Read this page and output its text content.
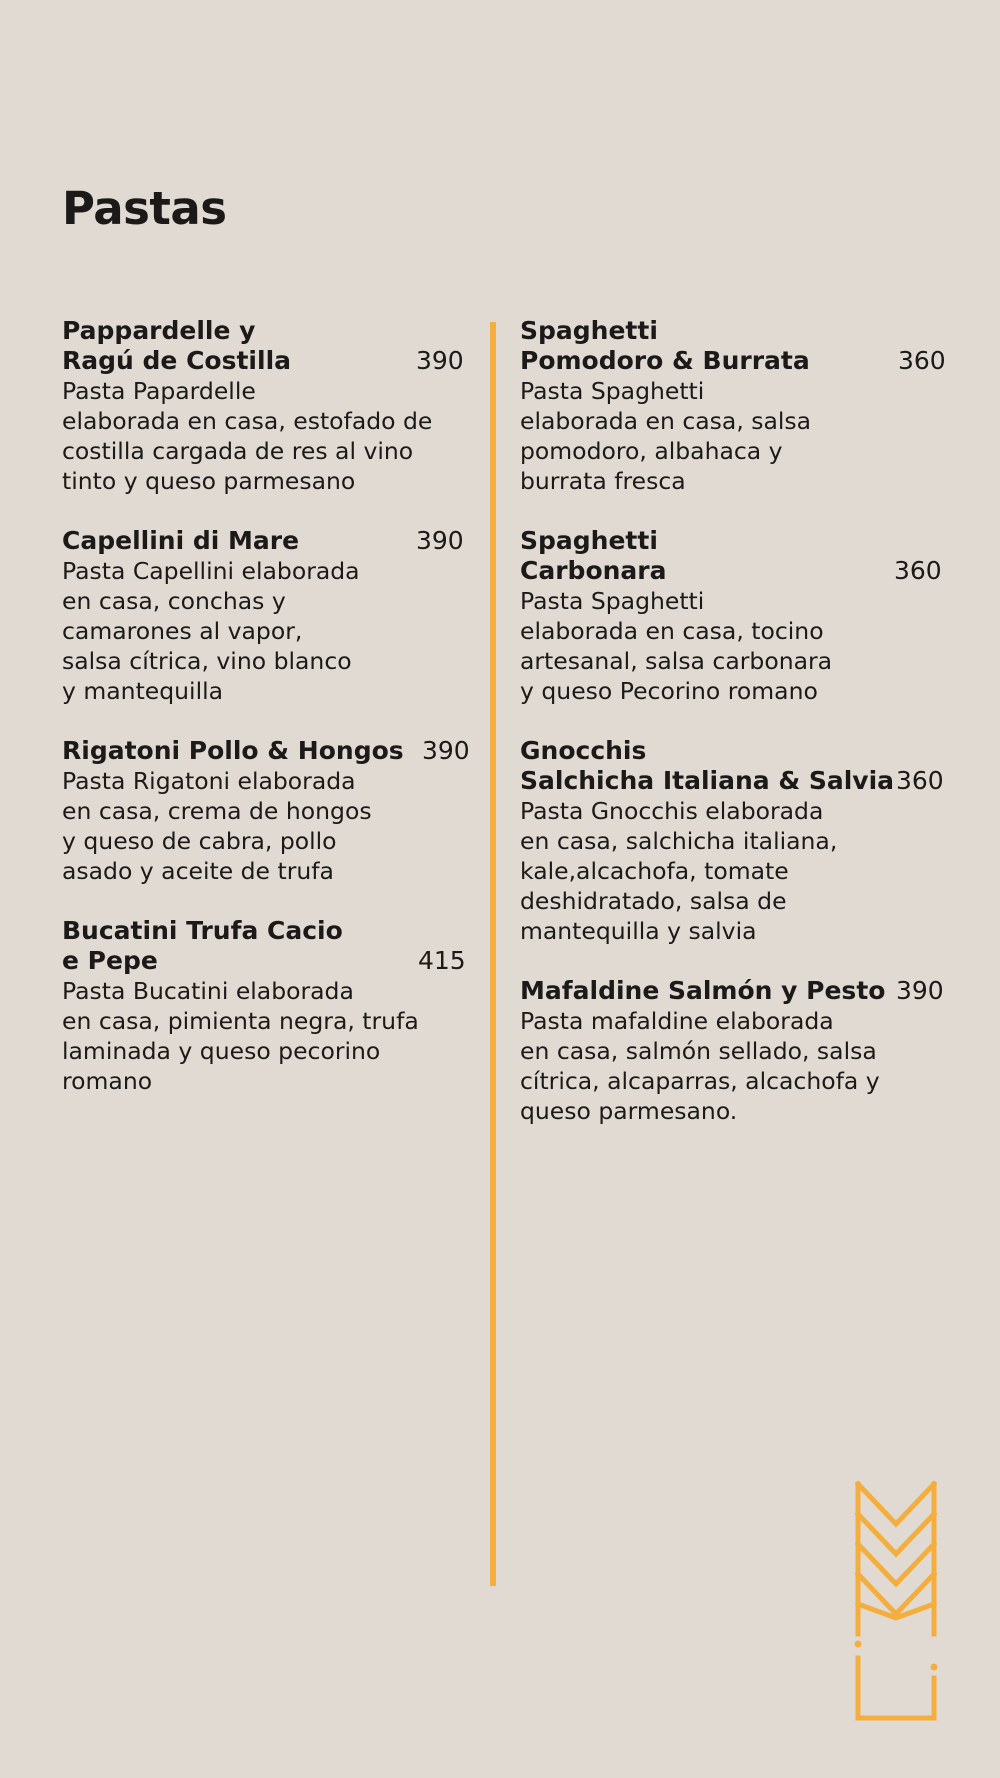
Pastas

Pappardelle y
Ragú de Costilla	390

Pasta Papardelle
elaborada en casa, estofado de
costilla cargada de res al vino
tinto y queso parmesano

Capellini di Mare	390

Pasta Capellini elaborada
en casa, conchas y
camarones al vapor,
salsa cítrica, vino blanco
y mantequilla

Rigatoni Pollo & Hongos 390

Pasta Rigatoni elaborada
en casa, crema de hongos
y queso de cabra, pollo
asado y aceite de trufa

Bucatini Trufa Cacio
e Pepe	415

Pasta Bucatini elaborada
en casa, pimienta negra, trufa
laminada y queso pecorino romano

Spaghetti
Pomodoro & Burrata	360

Pasta Spaghetti
elaborada en casa, salsa
pomodoro, albahaca y
burrata fresca

Spaghetti
Carbonara	360

Pasta Spaghetti
elaborada en casa, tocino
artesanal, salsa carbonara
y queso Pecorino romano

Gnocchis
Salchicha Italiana & Salvia 360

Pasta Gnocchis elaborada
en casa, salchicha italiana,
kale,alcachofa, tomate
deshidratado, salsa de
mantequilla y salvia

Mafaldine Salmón y Pesto 390

Pasta mafaldine elaborada
en casa, salmón sellado, salsa
cítrica, alcaparras, alcachofa y
queso parmesano.
